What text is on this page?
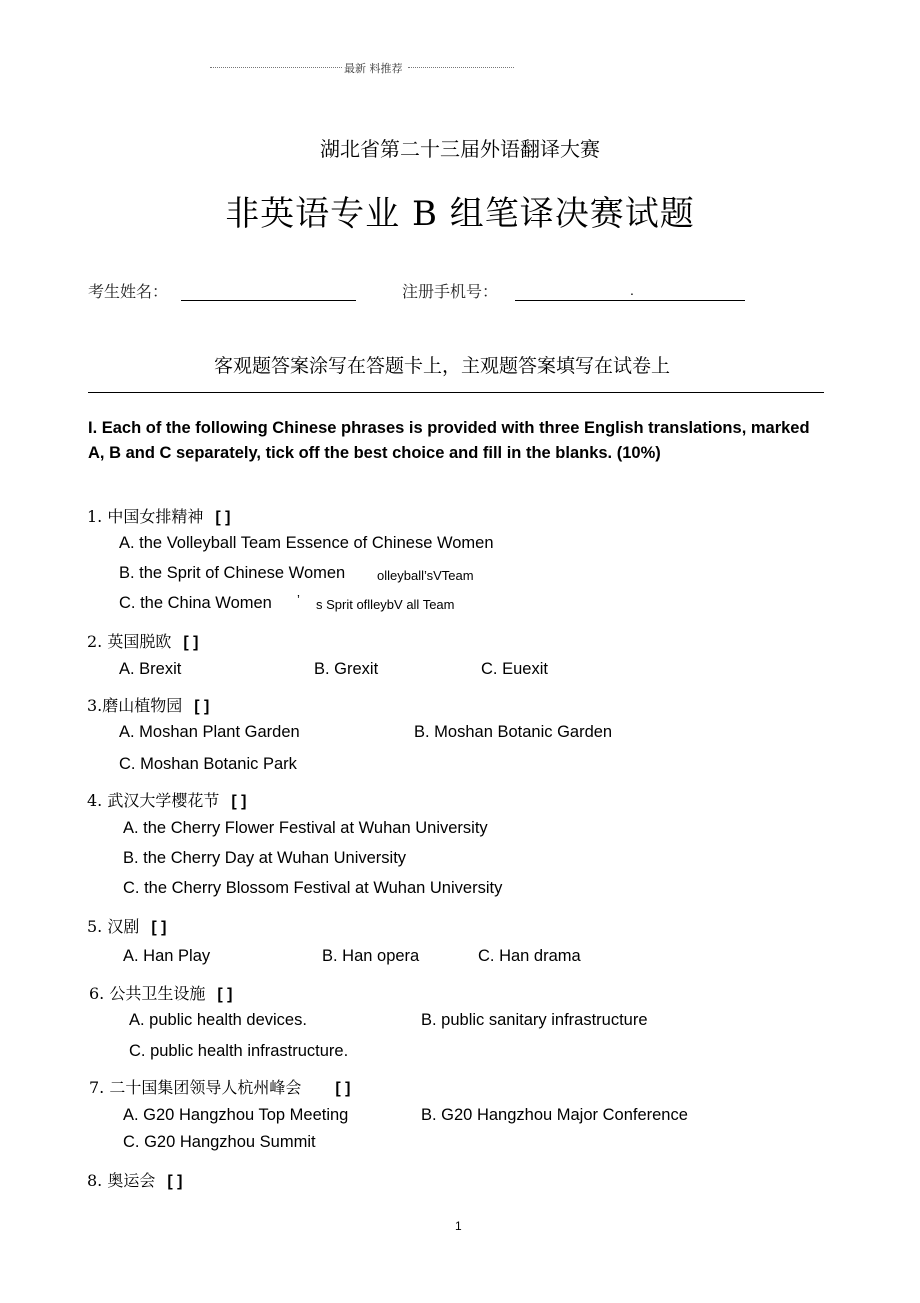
最新 料推荐
湖北省第二十三届外语翻译大赛
非英语专业 B 组笔译决赛试题
考生姓名：	注册手机号：	.
客观题答案涂写在答题卡上，主观题答案填写在试卷上
I. Each of the following Chinese phrases is provided with three English translations, marked A, B and C separately, tick off the best choice and fill in the blanks. (10%)
1. 中国女排精神 [ ]
A. the Volleyball Team Essence of Chinese Women
B. the Sprit of Chinese Women olleyball’sVTeam
C. the China Women ’ s Sprit oflleybV all Team
2. 英国脱欧 [ ]
A. Brexit	B. Grexit	C. Euexit
3.磨山植物园 [ ]
A. Moshan Plant Garden	B. Moshan Botanic Garden
C. Moshan Botanic Park
4. 武汉大学樱花节 [ ]
A. the Cherry Flower Festival at Wuhan University
B. the Cherry Day at Wuhan University
C. the Cherry Blossom Festival at Wuhan University
5. 汉剧 [ ]
A. Han Play	B. Han opera	C. Han drama
6. 公共卫生设施 [ ]
A. public health devices.	B. public sanitary infrastructure
C. public health infrastructure.
7. 二十国集团领导人杭州峰会 [ ]
A. G20 Hangzhou Top Meeting	B. G20 Hangzhou Major Conference
C. G20 Hangzhou Summit
8. 奥运会 [ ]
1
